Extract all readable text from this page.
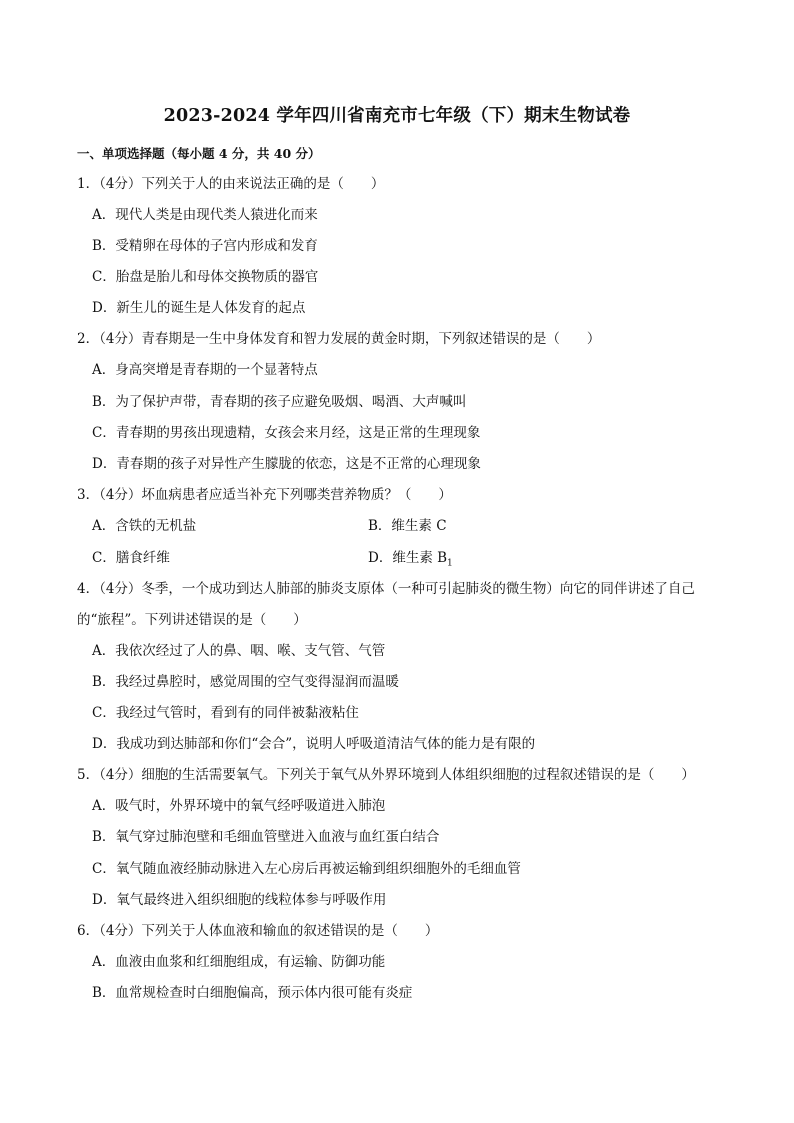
2023-2024 学年四川省南充市七年级（下）期末生物试卷
一、单项选择题（每小题 4 分，共 40 分）
1．（4分）下列关于人的由来说法正确的是（　　）
A．现代人类是由现代类人猿进化而来
B．受精卵在母体的子宫内形成和发育
C．胎盘是胎儿和母体交换物质的器官
D．新生儿的诞生是人体发育的起点
2．（4分）青春期是一生中身体发育和智力发展的黄金时期，下列叙述错误的是（　　）
A．身高突增是青春期的一个显著特点
B．为了保护声带，青春期的孩子应避免吸烟、喝酒、大声喊叫
C．青春期的男孩出现遗精，女孩会来月经，这是正常的生理现象
D．青春期的孩子对异性产生朦胧的依恋，这是不正常的心理现象
3．（4分）坏血病患者应适当补充下列哪类营养物质？（　　）
A．含铁的无机盐	B．维生素 C
C．膳食纤维	D．维生素 $B_1$
4．（4分）冬季，一个成功到达人肺部的肺炎支原体（一种可引起肺炎的微生物）向它的同伴讲述了自己
的“旅程”。下列讲述错误的是（　　）
A．我依次经过了人的鼻、咽、喉、支气管、气管
B．我经过鼻腔时，感觉周围的空气变得湿润而温暖
C．我经过气管时，看到有的同伴被黏液粘住
D．我成功到达肺部和你们“会合”，说明人呼吸道清洁气体的能力是有限的
5．（4分）细胞的生活需要氧气。下列关于氧气从外界环境到人体组织细胞的过程叙述错误的是（　　）
A．吸气时，外界环境中的氧气经呼吸道进入肺泡
B．氧气穿过肺泡壁和毛细血管壁进入血液与血红蛋白结合
C．氧气随血液经肺动脉进入左心房后再被运输到组织细胞外的毛细血管
D．氧气最终进入组织细胞的线粒体参与呼吸作用
6．（4分）下列关于人体血液和输血的叙述错误的是（　　）
A．血液由血浆和红细胞组成，有运输、防御功能
B．血常规检查时白细胞偏高，预示体内很可能有炎症
